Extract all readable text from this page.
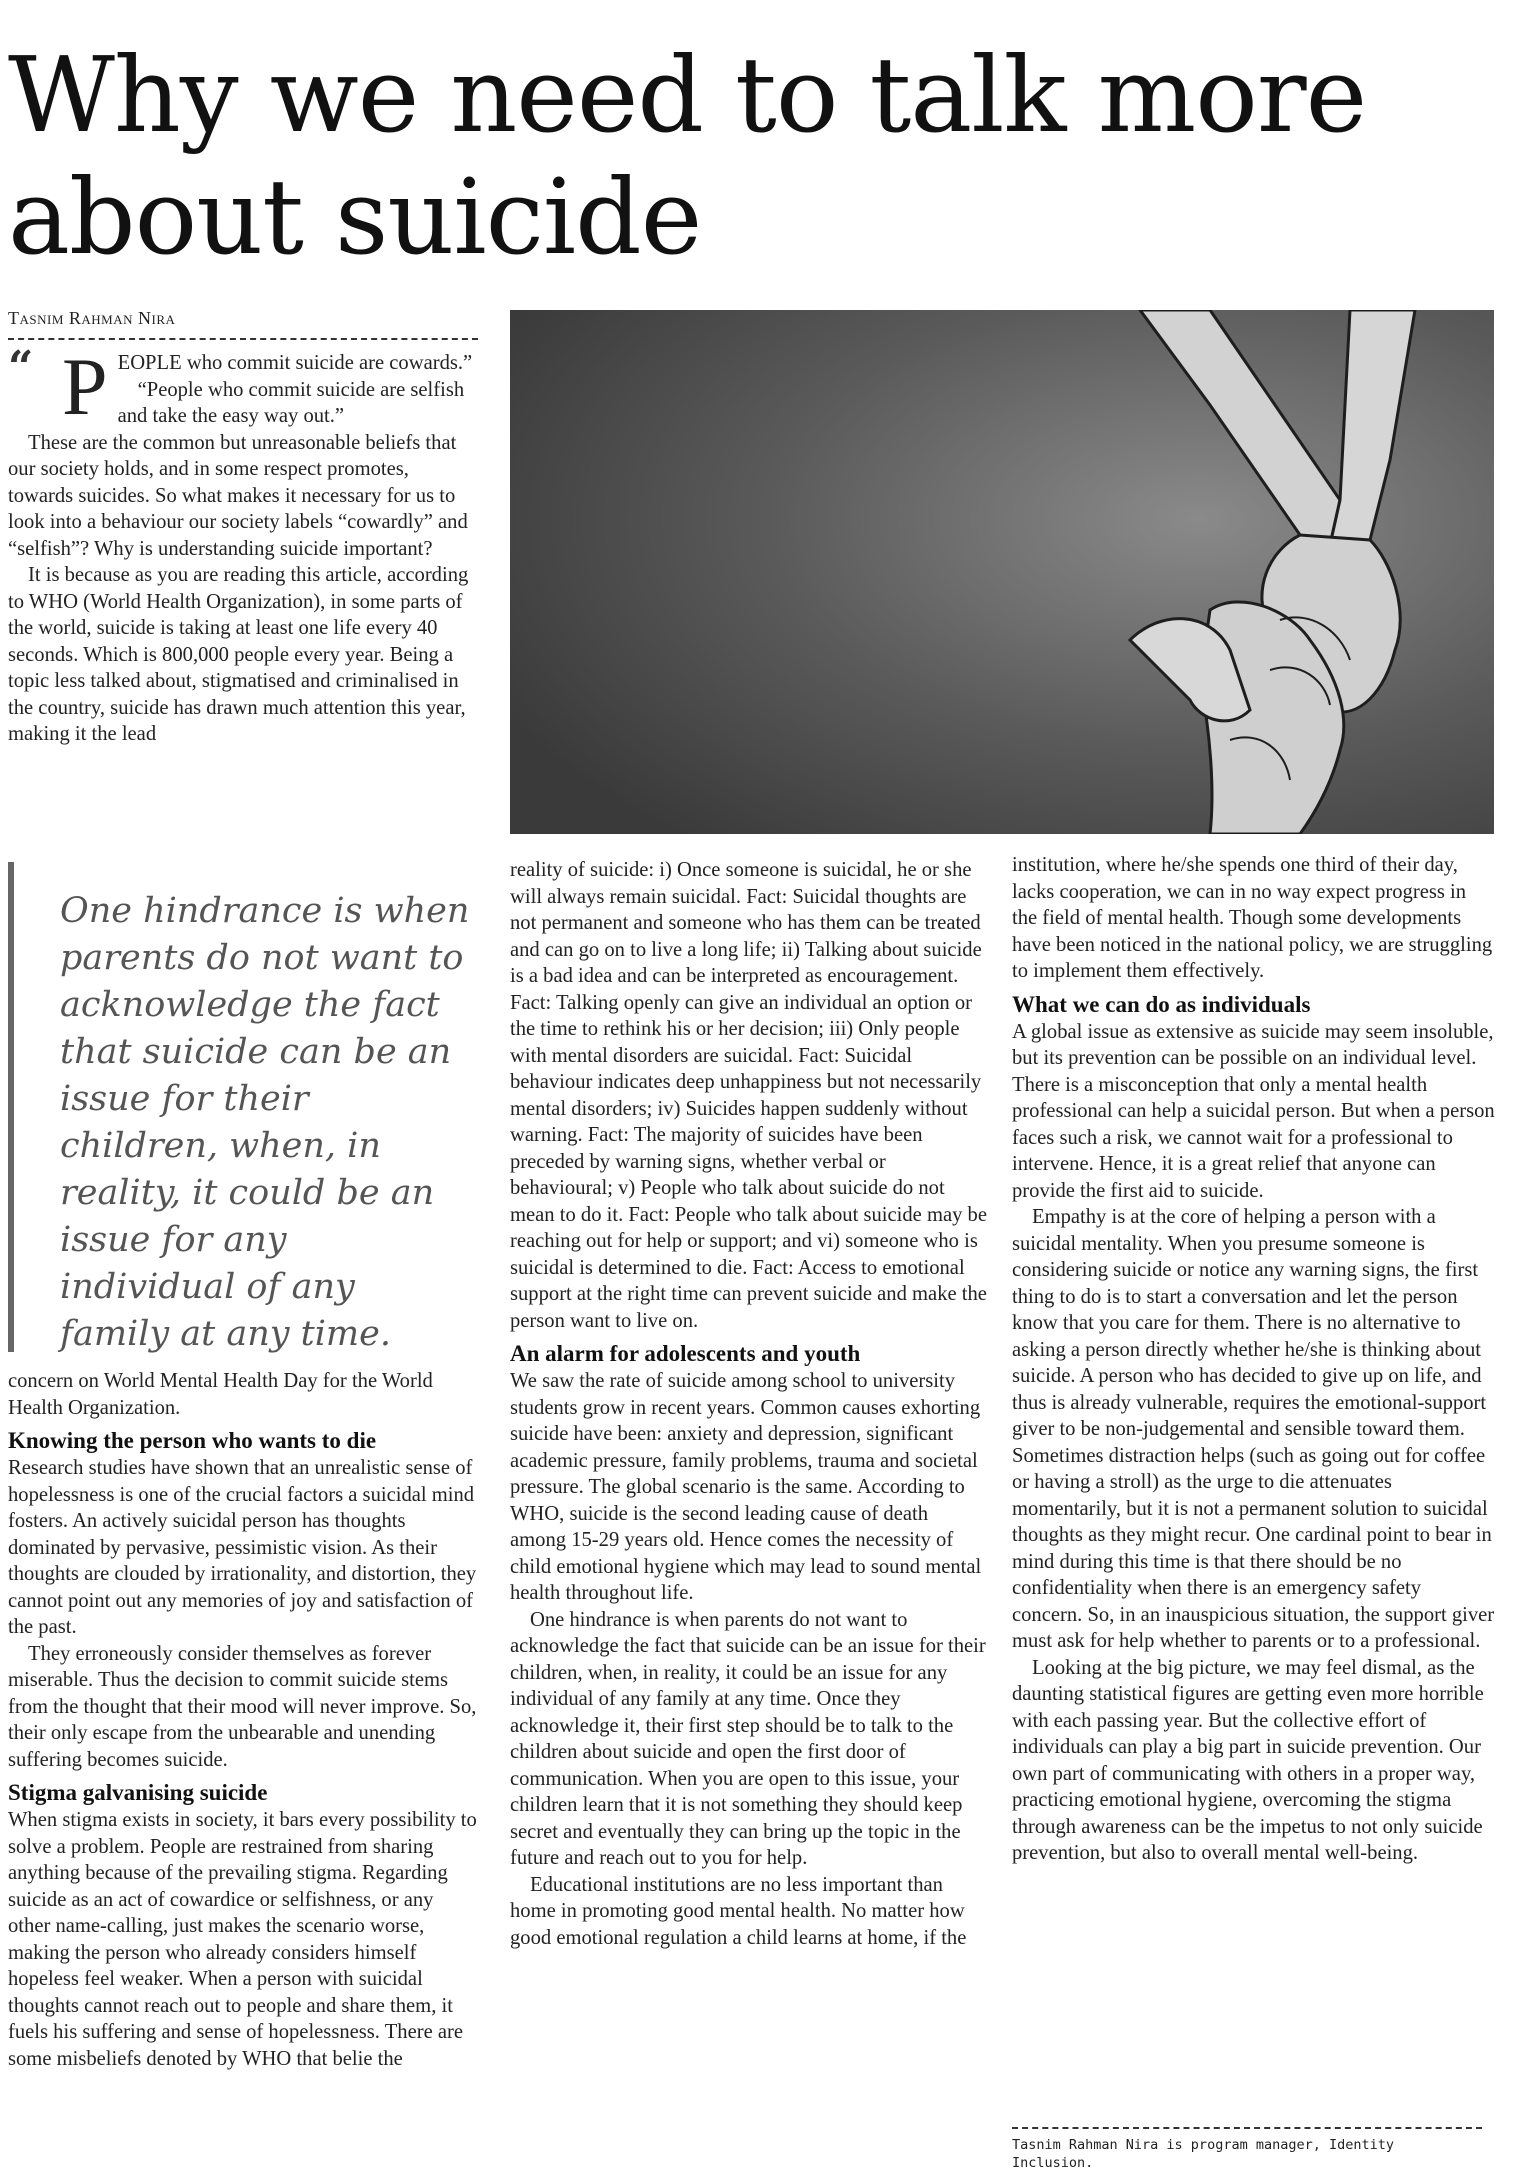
Why we need to talk more about suicide
Tasnim Rahman Nira
“ P EOPLE who commit suicide are cowards.”

“People who commit suicide are selfish and take the easy way out.”

These are the common but unreasonable beliefs that our society holds, and in some respect promotes, towards suicides. So what makes it necessary for us to look into a behaviour our society labels “cowardly” and “selfish”? Why is understanding suicide important?

It is because as you are reading this article, according to WHO (World Health Organization), in some parts of the world, suicide is taking at least one life every 40 seconds. Which is 800,000 people every year. Being a topic less talked about, stigmatised and criminalised in the country, suicide has drawn much attention this year, making it the lead

One hindrance is when parents do not want to acknowledge the fact that suicide can be an issue for their children, when, in reality, it could be an issue for any individual of any family at any time.

concern on World Mental Health Day for the World Health Organization.

Knowing the person who wants to die

Research studies have shown that an unrealistic sense of hopelessness is one of the crucial factors a suicidal mind fosters. An actively suicidal person has thoughts dominated by pervasive, pessimistic vision. As their thoughts are clouded by irrationality, and distortion, they cannot point out any memories of joy and satisfaction of the past.

They erroneously consider themselves as forever miserable. Thus the decision to commit suicide stems from the thought that their mood will never improve. So, their only escape from the unbearable and unending suffering becomes suicide.

Stigma galvanising suicide

When stigma exists in society, it bars every possibility to solve a problem. People are restrained from sharing anything because of the prevailing stigma. Regarding suicide as an act of cowardice or selfishness, or any other name-calling, just makes the scenario worse, making the person who already considers himself hopeless feel weaker. When a person with suicidal thoughts cannot reach out to people and share them, it fuels his suffering and sense of hopelessness. There are some misbeliefs denoted by WHO that belie the

reality of suicide: i) Once someone is suicidal, he or she will always remain suicidal. Fact: Suicidal thoughts are not permanent and someone who has them can be treated and can go on to live a long life; ii) Talking about suicide is a bad idea and can be interpreted as encouragement. Fact: Talking openly can give an individual an option or the time to rethink his or her decision; iii) Only people with mental disorders are suicidal. Fact: Suicidal behaviour indicates deep unhappiness but not necessarily mental disorders; iv) Suicides happen suddenly without warning. Fact: The majority of suicides have been preceded by warning signs, whether verbal or behavioural; v) People who talk about suicide do not mean to do it. Fact: People who talk about suicide may be reaching out for help or support; and vi) someone who is suicidal is determined to die. Fact: Access to emotional support at the right time can prevent suicide and make the person want to live on.

An alarm for adolescents and youth

We saw the rate of suicide among school to university students grow in recent years. Common causes exhorting suicide have been: anxiety and depression, significant academic pressure, family problems, trauma and societal pressure. The global scenario is the same. According to WHO, suicide is the second leading cause of death among 15-29 years old. Hence comes the necessity of child emotional hygiene which may lead to sound mental health throughout life.

One hindrance is when parents do not want to acknowledge the fact that suicide can be an issue for their children, when, in reality, it could be an issue for any individual of any family at any time. Once they acknowledge it, their first step should be to talk to the children about suicide and open the first door of communication. When you are open to this issue, your children learn that it is not something they should keep secret and eventually they can bring up the topic in the future and reach out to you for help.

Educational institutions are no less important than home in promoting good mental health. No matter how good emotional regulation a child learns at home, if the

institution, where he/she spends one third of their day, lacks cooperation, we can in no way expect progress in the field of mental health. Though some developments have been noticed in the national policy, we are struggling to implement them effectively.

What we can do as individuals

A global issue as extensive as suicide may seem insoluble, but its prevention can be possible on an individual level. There is a misconception that only a mental health professional can help a suicidal person. But when a person faces such a risk, we cannot wait for a professional to intervene. Hence, it is a great relief that anyone can provide the first aid to suicide.

Empathy is at the core of helping a person with a suicidal mentality. When you presume someone is considering suicide or notice any warning signs, the first thing to do is to start a conversation and let the person know that you care for them. There is no alternative to asking a person directly whether he/she is thinking about suicide. A person who has decided to give up on life, and thus is already vulnerable, requires the emotional-support giver to be non-judgemental and sensible toward them. Sometimes distraction helps (such as going out for coffee or having a stroll) as the urge to die attenuates momentarily, but it is not a permanent solution to suicidal thoughts as they might recur. One cardinal point to bear in mind during this time is that there should be no confidentiality when there is an emergency safety concern. So, in an inauspicious situation, the support giver must ask for help whether to parents or to a professional.

Looking at the big picture, we may feel dismal, as the daunting statistical figures are getting even more horrible with each passing year. But the collective effort of individuals can play a big part in suicide prevention. Our own part of communicating with others in a proper way, practicing emotional hygiene, overcoming the stigma through awareness can be the impetus to not only suicide prevention, but also to overall mental well-being.

Tasnim Rahman Nira is program manager, Identity Inclusion.
